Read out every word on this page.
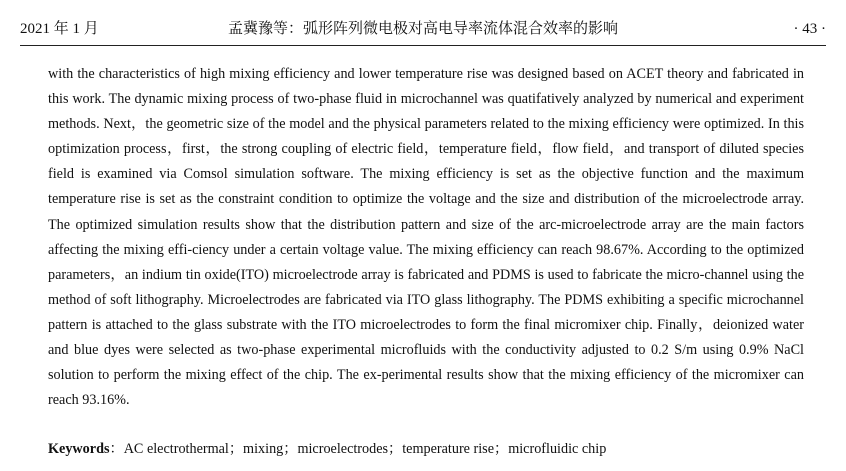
2021 年 1 月	孟冀豫等：弧形阵列微电极对高电导率流体混合效率的影响	· 43 ·

with the characteristics of high mixing efficiency and lower temperature rise was designed based on ACET theory and fabricated in this work. The dynamic mixing process of two-phase fluid in microchannel was quatifatively analyzed by numerical and experiment methods. Next，the geometric size of the model and the physical parameters related to the mixing efficiency were optimized. In this optimization process，first，the strong coupling of electric field，temperature field，flow field，and transport of diluted species field is examined via Comsol simulation software. The mixing efficiency is set as the objective function and the maximum temperature rise is set as the constraint condition to optimize the voltage and the size and distribution of the microelectrode array. The optimized simulation results show that the distribution pattern and size of the arc-microelectrode array are the main factors affecting the mixing effi-ciency under a certain voltage value. The mixing efficiency can reach 98.67%. According to the optimized parameters，an indium tin oxide(ITO) microelectrode array is fabricated and PDMS is used to fabricate the micro-channel using the method of soft lithography. Microelectrodes are fabricated via ITO glass lithography. The PDMS exhibiting a specific microchannel pattern is attached to the glass substrate with the ITO microelectrodes to form the final micromixer chip. Finally，deionized water and blue dyes were selected as two-phase experimental microfluids with the conductivity adjusted to 0.2 S/m using 0.9% NaCl solution to perform the mixing effect of the chip. The ex-perimental results show that the mixing efficiency of the micromixer can reach 93.16%.

Keywords：AC electrothermal；mixing；microelectrodes；temperature rise；microfluidic chip
